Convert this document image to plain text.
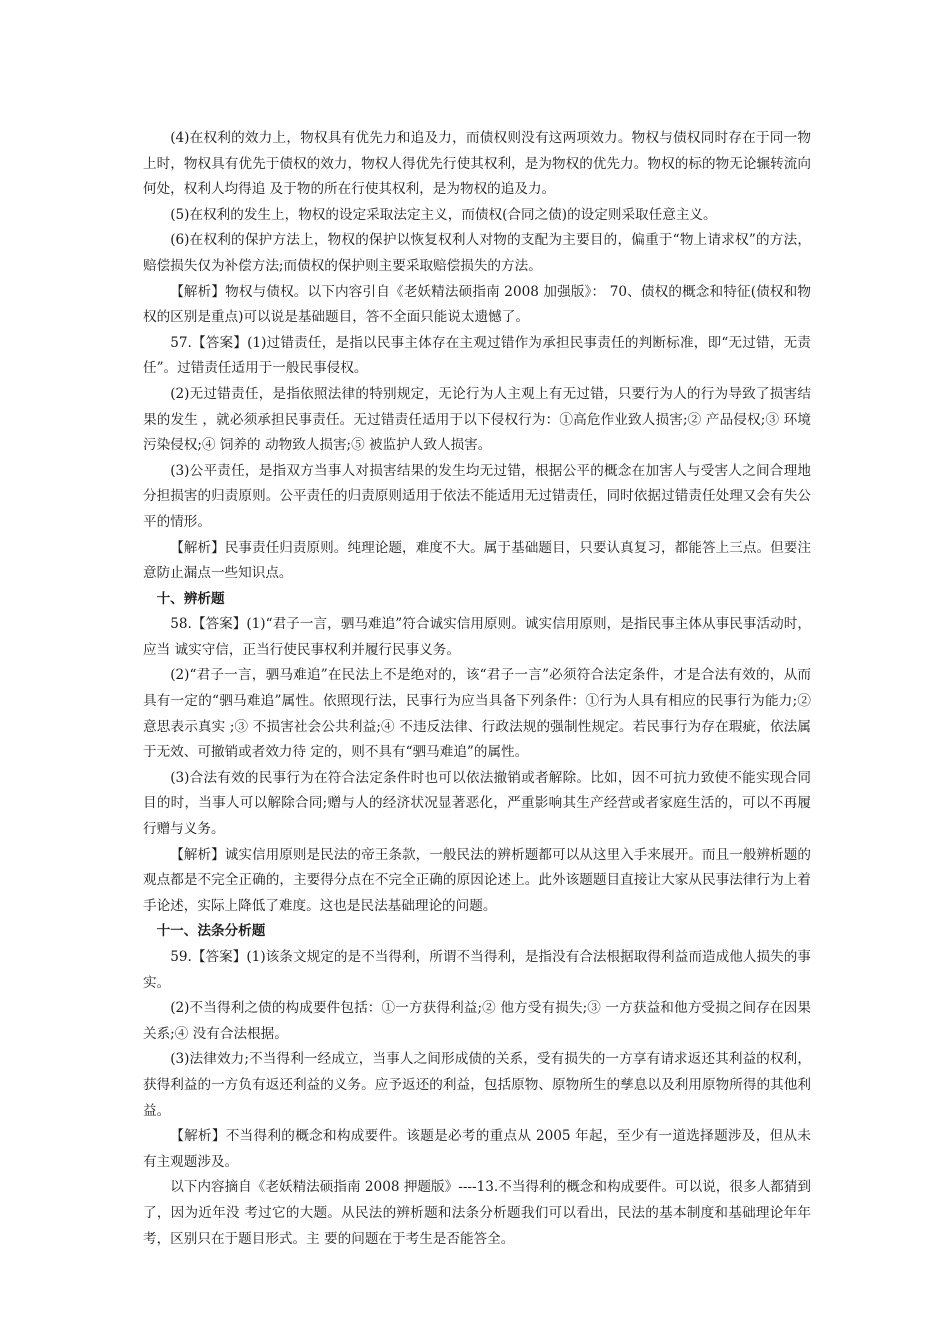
(4)在权利的效力上，物权具有优先力和追及力，而债权则没有这两项效力。物权与债权同时存在于同一物上时，物权具有优先于债权的效力，物权人得优先行使其权利，是为物权的优先力。物权的标的物无论辗转流向何处，权利人均得追 及于物的所在行使其权利，是为物权的追及力。

(5)在权利的发生上，物权的设定采取法定主义，而债权(合同之债)的设定则采取任意主义。

(6)在权利的保护方法上，物权的保护以恢复权利人对物的支配为主要目的，偏重于“物上请求权”的方法，赔偿损失仅为补偿方法;而债权的保护则主要采取赔偿损失的方法。

【解析】物权与债权。以下内容引自《老妖精法硕指南 2008 加强版》： 70、债权的概念和特征(债权和物权的区别是重点)可以说是基础题目，答不全面只能说太遗憾了。

57.【答案】(1)过错责任，是指以民事主体存在主观过错作为承担民事责任的判断标准，即“无过错，无责任”。过错责任适用于一般民事侵权。

(2)无过错责任，是指依照法律的特别规定，无论行为人主观上有无过错，只要行为人的行为导致了损害结果的发生 ，就必须承担民事责任。无过错责任适用于以下侵权行为：①高危作业致人损害;② 产品侵权;③ 环境污染侵权;④ 饲养的 动物致人损害;⑤ 被监护人致人损害。

(3)公平责任，是指双方当事人对损害结果的发生均无过错，根据公平的概念在加害人与受害人之间合理地分担损害的归责原则。公平责任的归责原则适用于依法不能适用无过错责任，同时依据过错责任处理又会有失公平的情形。

【解析】民事责任归责原则。纯理论题，难度不大。属于基础题目，只要认真复习，都能答上三点。但要注意防止漏点一些知识点。

十、辨析题

58.【答案】(1)“君子一言，驷马难追”符合诚实信用原则。诚实信用原则，是指民事主体从事民事活动时，应当 诚实守信，正当行使民事权利并履行民事义务。

(2)“君子一言，驷马难追”在民法上不是绝对的，该“君子一言”必须符合法定条件，才是合法有效的，从而具有一定的“驷马难追”属性。依照现行法，民事行为应当具备下列条件：①行为人具有相应的民事行为能力;② 意思表示真实 ;③ 不损害社会公共利益;④ 不违反法律、行政法规的强制性规定。若民事行为存在瑕疵，依法属于无效、可撤销或者效力待 定的，则不具有“驷马难追”的属性。

(3)合法有效的民事行为在符合法定条件时也可以依法撤销或者解除。比如，因不可抗力致使不能实现合同目的时，当事人可以解除合同;赠与人的经济状况显著恶化，严重影响其生产经营或者家庭生活的，可以不再履行赠与义务。

【解析】诚实信用原则是民法的帝王条款，一般民法的辨析题都可以从这里入手来展开。而且一般辨析题的观点都是不完全正确的，主要得分点在不完全正确的原因论述上。此外该题题目直接让大家从民事法律行为上着手论述，实际上降低了难度。这也是民法基础理论的问题。

十一、法条分析题

59.【答案】(1)该条文规定的是不当得利，所谓不当得利，是指没有合法根据取得利益而造成他人损失的事实。

(2)不当得利之债的构成要件包括：①一方获得利益;② 他方受有损失;③ 一方获益和他方受损之间存在因果关系;④ 没有合法根据。

(3)法律效力;不当得利一经成立，当事人之间形成债的关系，受有损失的一方享有请求返还其利益的权利，获得利益的一方负有返还利益的义务。应予返还的利益，包括原物、原物所生的孳息以及利用原物所得的其他利益。

【解析】不当得利的概念和构成要件。该题是必考的重点从 2005 年起，至少有一道选择题涉及，但从未有主观题涉及。

以下内容摘自《老妖精法硕指南 2008 押题版》----13.不当得利的概念和构成要件。可以说，很多人都猜到了，因为近年没 考过它的大题。从民法的辨析题和法条分析题我们可以看出，民法的基本制度和基础理论年年考，区别只在于题目形式。主 要的问题在于考生是否能答全。
